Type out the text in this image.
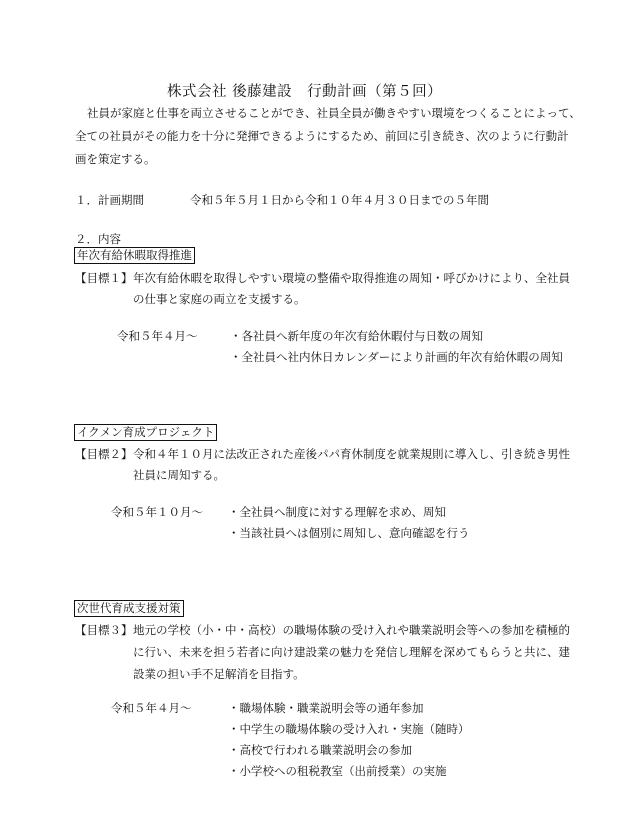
株式会社 後藤建設　行動計画（第５回）
社員が家庭と仕事を両立させることができ、社員全員が働きやすい環境をつくることによって、
全ての社員がその能力を十分に発揮できるようにするため、前回に引き続き、次のように行動計
画を策定する。
１．計画期間	令和５年５月１日から令和１０年４月３０日までの５年間
２．内容
年次有給休暇取得推進
【目標１】 年次有給休暇を取得しやすい環境の整備や取得推進の周知・呼びかけにより、全社員
の仕事と家庭の両立を支援する。
令和５年４月～	・各社員へ新年度の年次有給休暇付与日数の周知
・全社員へ社内休日カレンダーにより計画的年次有給休暇の周知
イクメン育成プロジェクト
【目標２】 令和４年１０月に法改正された産後パパ育休制度を就業規則に導入し、引き続き男性
社員に周知する。
令和５年１０月～ ・全社員へ制度に対する理解を求め、周知
・当該社員へは個別に周知し、意向確認を行う
次世代育成支援対策
【目標３】 地元の学校（小・中・高校）の職場体験の受け入れや職業説明会等への参加を積極的
に行い、未来を担う若者に向け建設業の魅力を発信し理解を深めてもらうと共に、建
設業の担い手不足解消を目指す。
令和５年４月～	・職場体験・職業説明会等の通年参加
・中学生の職場体験の受け入れ・実施（随時）
・高校で行われる職業説明会の参加
・小学校への租税教室（出前授業）の実施
